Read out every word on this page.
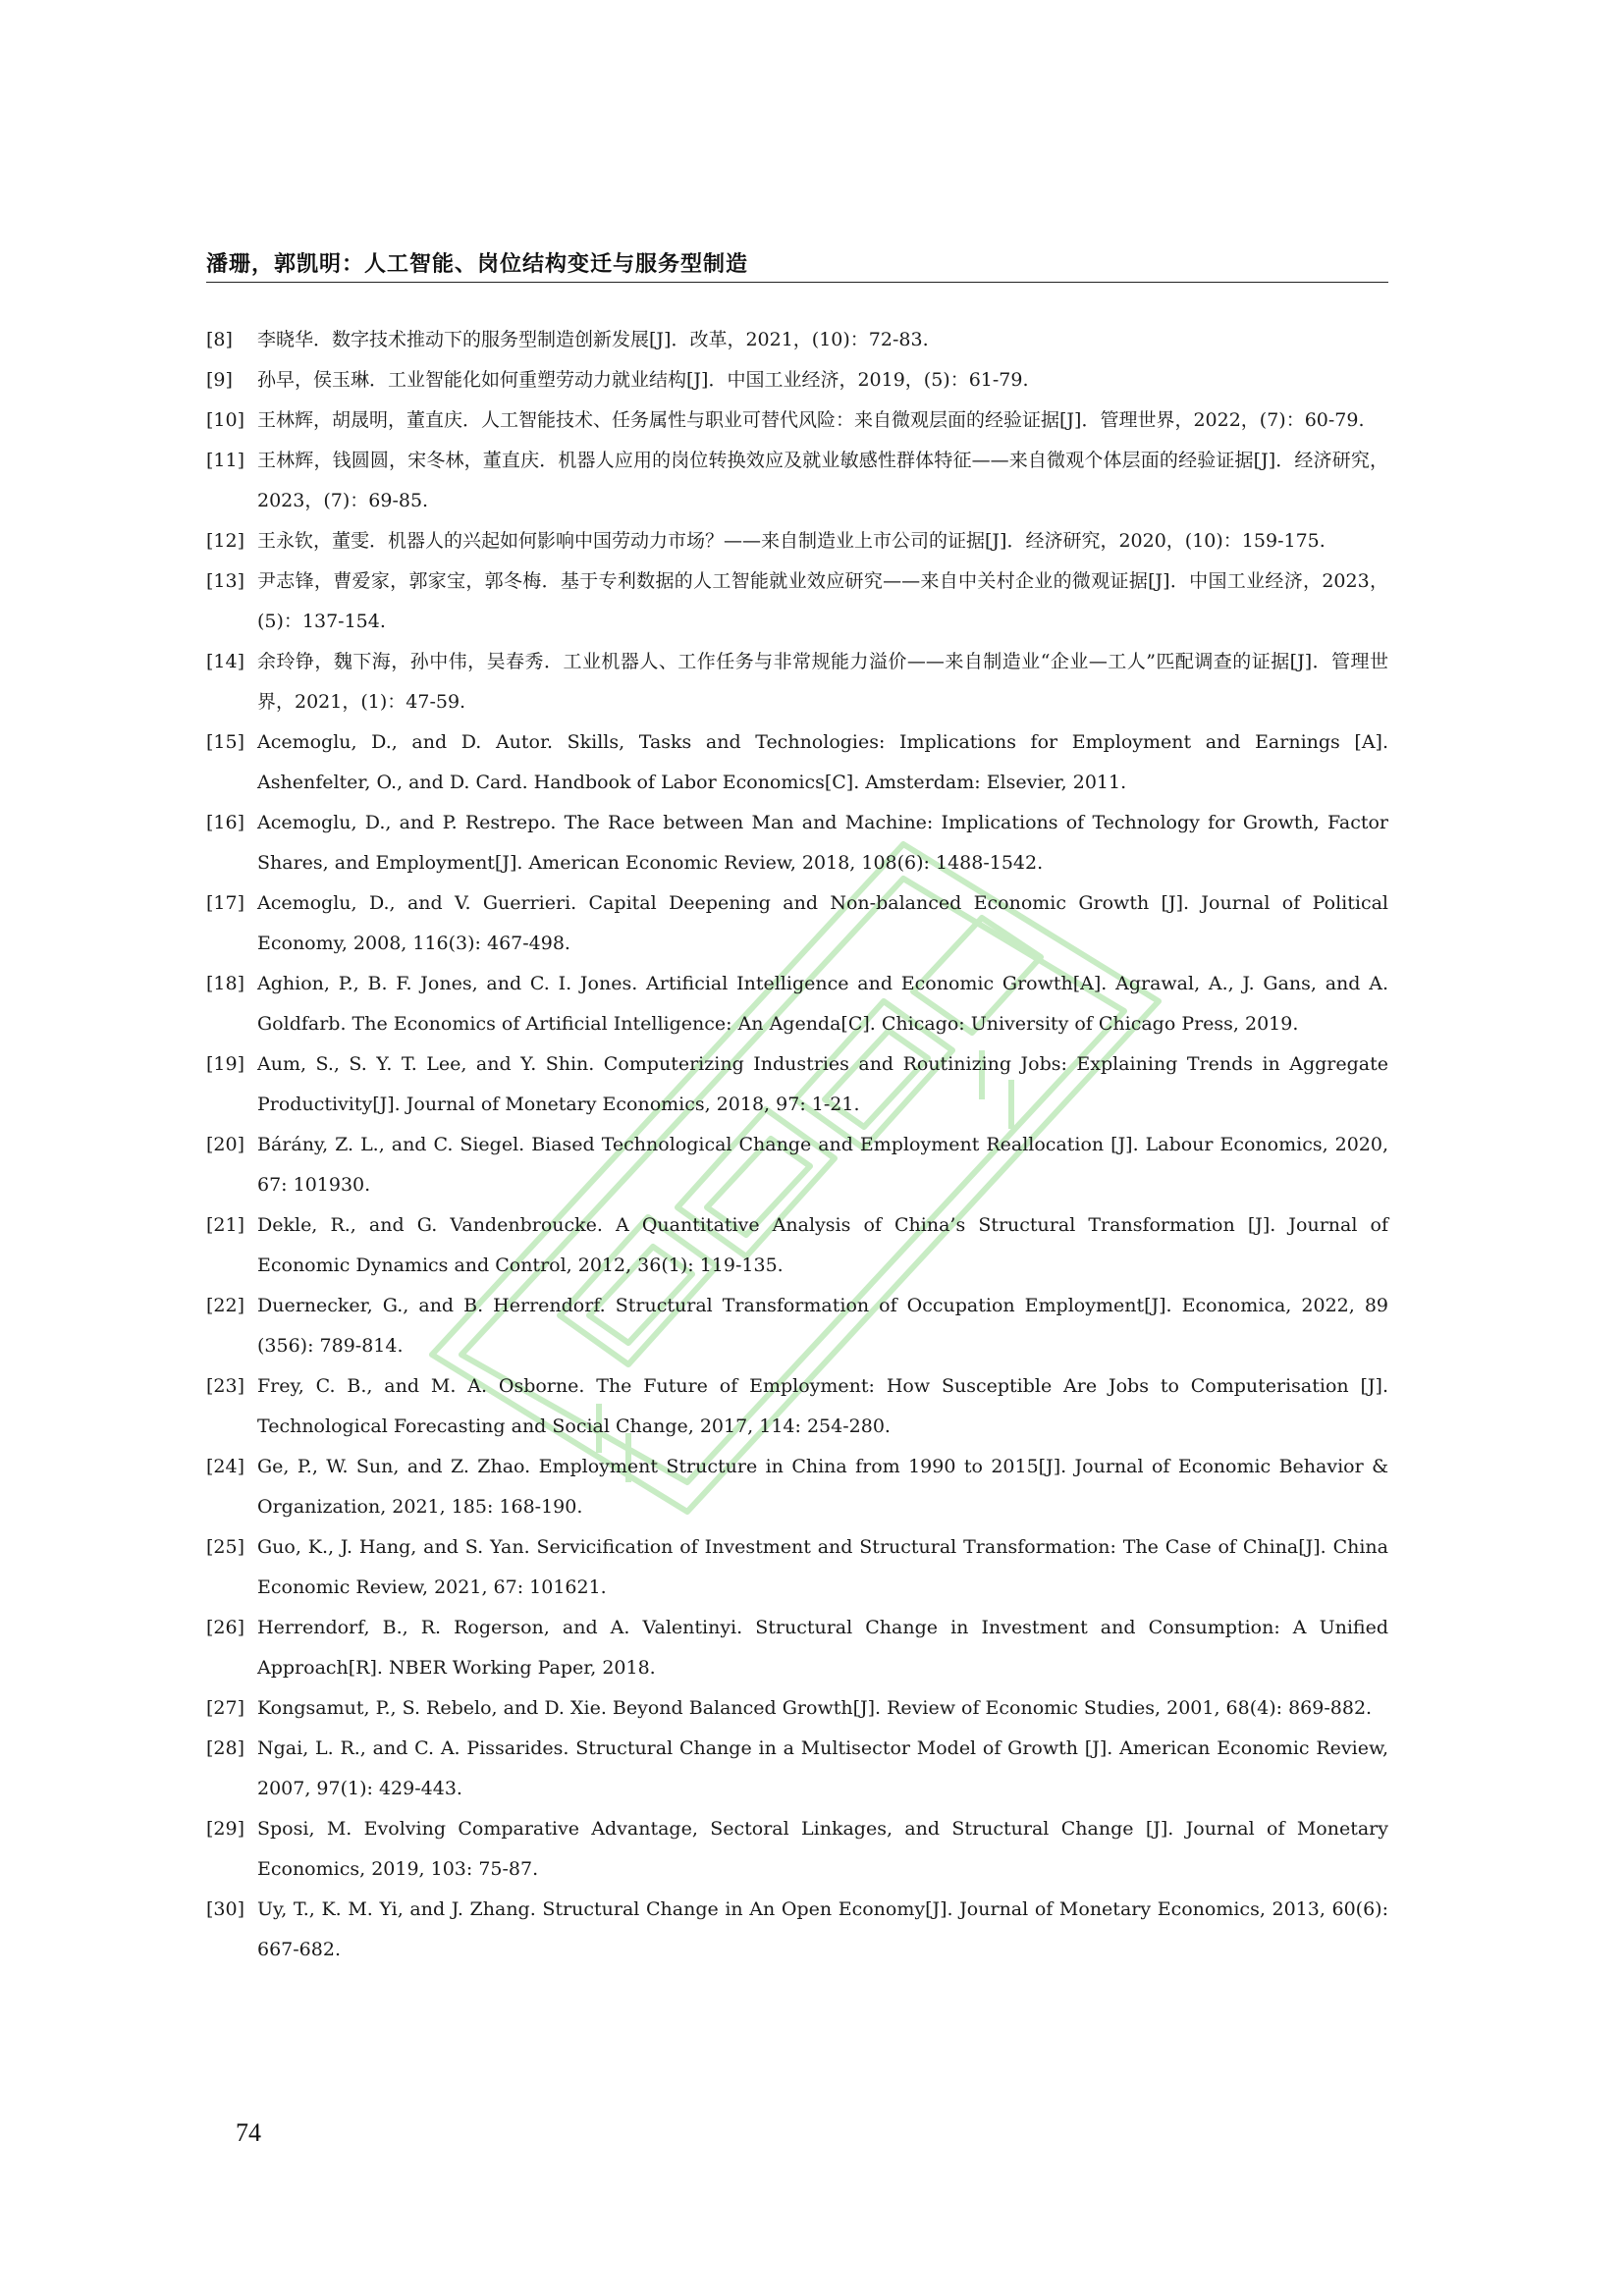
潘珊，郭凯明：人工智能、岗位结构变迁与服务型制造
[8] 李晓华．数字技术推动下的服务型制造创新发展[J]．改革，2021，(10)：72-83.
[9] 孙早，侯玉琳．工业智能化如何重塑劳动力就业结构[J]．中国工业经济，2019，(5)：61-79.
[10] 王林辉，胡晟明，董直庆．人工智能技术、任务属性与职业可替代风险：来自微观层面的经验证据[J]．管理世界，2022，(7)：60-79.
[11] 王林辉，钱圆圆，宋冬林，董直庆．机器人应用的岗位转换效应及就业敏感性群体特征——来自微观个体层面的经验证据[J]．经济研究，2023，(7)：69-85.
[12] 王永钦，董雯．机器人的兴起如何影响中国劳动力市场？——来自制造业上市公司的证据[J]．经济研究，2020，(10)：159-175.
[13] 尹志锋，曹爱家，郭家宝，郭冬梅．基于专利数据的人工智能就业效应研究——来自中关村企业的微观证据[J]．中国工业经济，2023，(5)：137-154.
[14] 余玲铮，魏下海，孙中伟，吴春秀．工业机器人、工作任务与非常规能力溢价——来自制造业“企业—工人”匹配调查的证据[J]．管理世界，2021，(1)：47-59.
[15] Acemoglu, D., and D. Autor. Skills, Tasks and Technologies: Implications for Employment and Earnings [A]. Ashenfelter, O., and D. Card. Handbook of Labor Economics[C]. Amsterdam: Elsevier, 2011.
[16] Acemoglu, D., and P. Restrepo. The Race between Man and Machine: Implications of Technology for Growth, Factor Shares, and Employment[J]. American Economic Review, 2018, 108(6): 1488-1542.
[17] Acemoglu, D., and V. Guerrieri. Capital Deepening and Non-balanced Economic Growth [J]. Journal of Political Economy, 2008, 116(3): 467-498.
[18] Aghion, P., B. F. Jones, and C. I. Jones. Artificial Intelligence and Economic Growth[A]. Agrawal, A., J. Gans, and A. Goldfarb. The Economics of Artificial Intelligence: An Agenda[C]. Chicago: University of Chicago Press, 2019.
[19] Aum, S., S. Y. T. Lee, and Y. Shin. Computerizing Industries and Routinizing Jobs: Explaining Trends in Aggregate Productivity[J]. Journal of Monetary Economics, 2018, 97: 1-21.
[20] Bárány, Z. L., and C. Siegel. Biased Technological Change and Employment Reallocation [J]. Labour Economics, 2020, 67: 101930.
[21] Dekle, R., and G. Vandenbroucke. A Quantitative Analysis of China’s Structural Transformation [J]. Journal of Economic Dynamics and Control, 2012, 36(1): 119-135.
[22] Duernecker, G., and B. Herrendorf. Structural Transformation of Occupation Employment[J]. Economica, 2022, 89 (356): 789-814.
[23] Frey, C. B., and M. A. Osborne. The Future of Employment: How Susceptible Are Jobs to Computerisation [J]. Technological Forecasting and Social Change, 2017, 114: 254-280.
[24] Ge, P., W. Sun, and Z. Zhao. Employment Structure in China from 1990 to 2015[J]. Journal of Economic Behavior & Organization, 2021, 185: 168-190.
[25] Guo, K., J. Hang, and S. Yan. Servicification of Investment and Structural Transformation: The Case of China[J]. China Economic Review, 2021, 67: 101621.
[26] Herrendorf, B., R. Rogerson, and A. Valentinyi. Structural Change in Investment and Consumption: A Unified Approach[R]. NBER Working Paper, 2018.
[27] Kongsamut, P., S. Rebelo, and D. Xie. Beyond Balanced Growth[J]. Review of Economic Studies, 2001, 68(4): 869-882.
[28] Ngai, L. R., and C. A. Pissarides. Structural Change in a Multisector Model of Growth [J]. American Economic Review, 2007, 97(1): 429-443.
[29] Sposi, M. Evolving Comparative Advantage, Sectoral Linkages, and Structural Change [J]. Journal of Monetary Economics, 2019, 103: 75-87.
[30] Uy, T., K. M. Yi, and J. Zhang. Structural Change in An Open Economy[J]. Journal of Monetary Economics, 2013, 60(6): 667-682.
74
